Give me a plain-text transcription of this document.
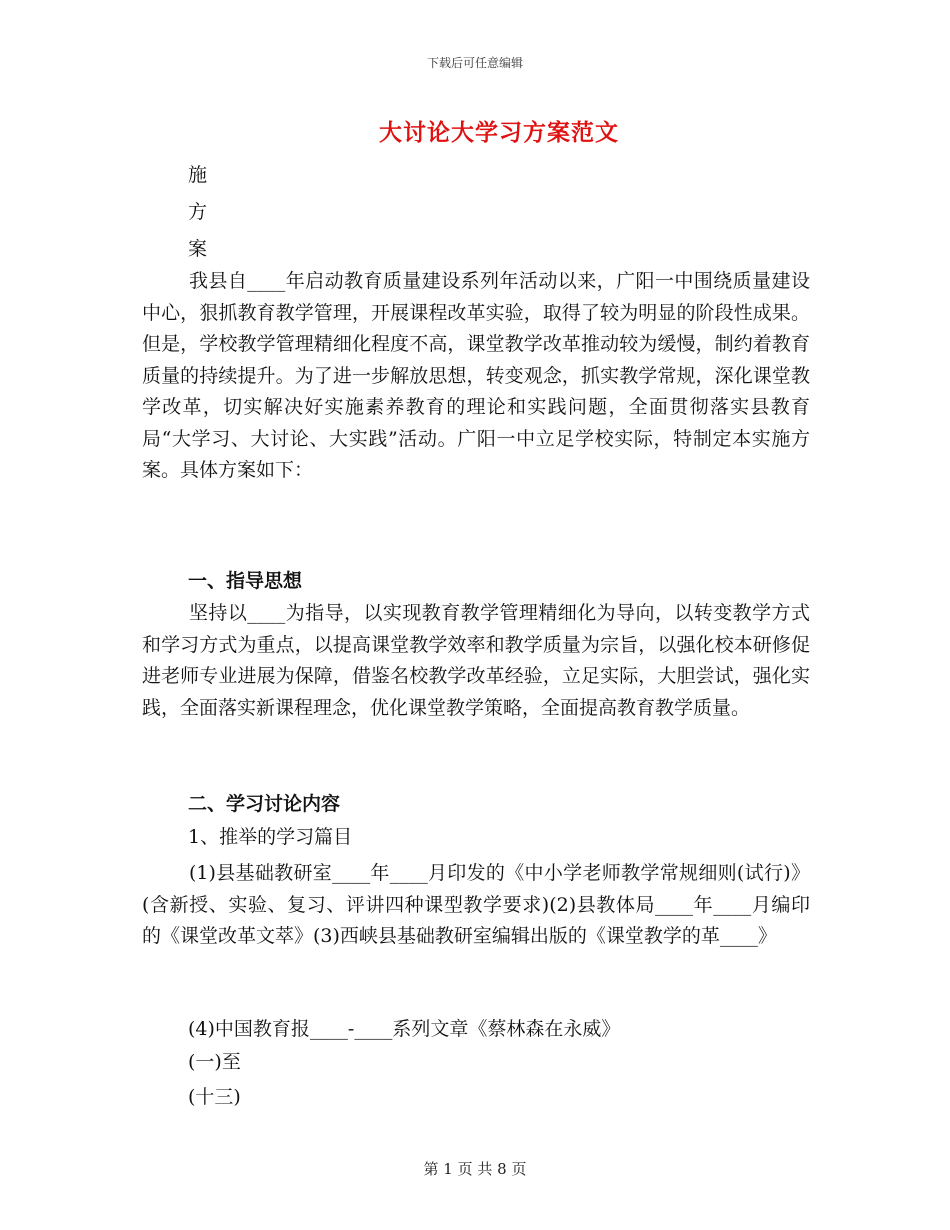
下载后可任意编辑
大讨论大学习方案范文
施
方
案
我县自____年启动教育质量建设系列年活动以来，广阳一中围绕质量建设中心，狠抓教育教学管理，开展课程改革实验，取得了较为明显的阶段性成果。但是，学校教学管理精细化程度不高，课堂教学改革推动较为缓慢，制约着教育质量的持续提升。为了进一步解放思想，转变观念，抓实教学常规，深化课堂教学改革，切实解决好实施素养教育的理论和实践问题，全面贯彻落实县教育局“大学习、大讨论、大实践”活动。广阳一中立足学校实际，特制定本实施方案。具体方案如下：
一、指导思想
坚持以____为指导，以实现教育教学管理精细化为导向，以转变教学方式和学习方式为重点，以提高课堂教学效率和教学质量为宗旨，以强化校本研修促进老师专业进展为保障，借鉴名校教学改革经验，立足实际，大胆尝试，强化实践，全面落实新课程理念，优化课堂教学策略，全面提高教育教学质量。
二、学习讨论内容
1、推举的学习篇目
(1)县基础教研室____年____月印发的《中小学老师教学常规细则(试行)》(含新授、实验、复习、评讲四种课型教学要求)(2)县教体局____年____月编印的《课堂改革文萃》(3)西峡县基础教研室编辑出版的《课堂教学的革____》
(4)中国教育报____-____系列文章《蔡林森在永威》
(一)至
(十三)
第 1 页 共 8 页
